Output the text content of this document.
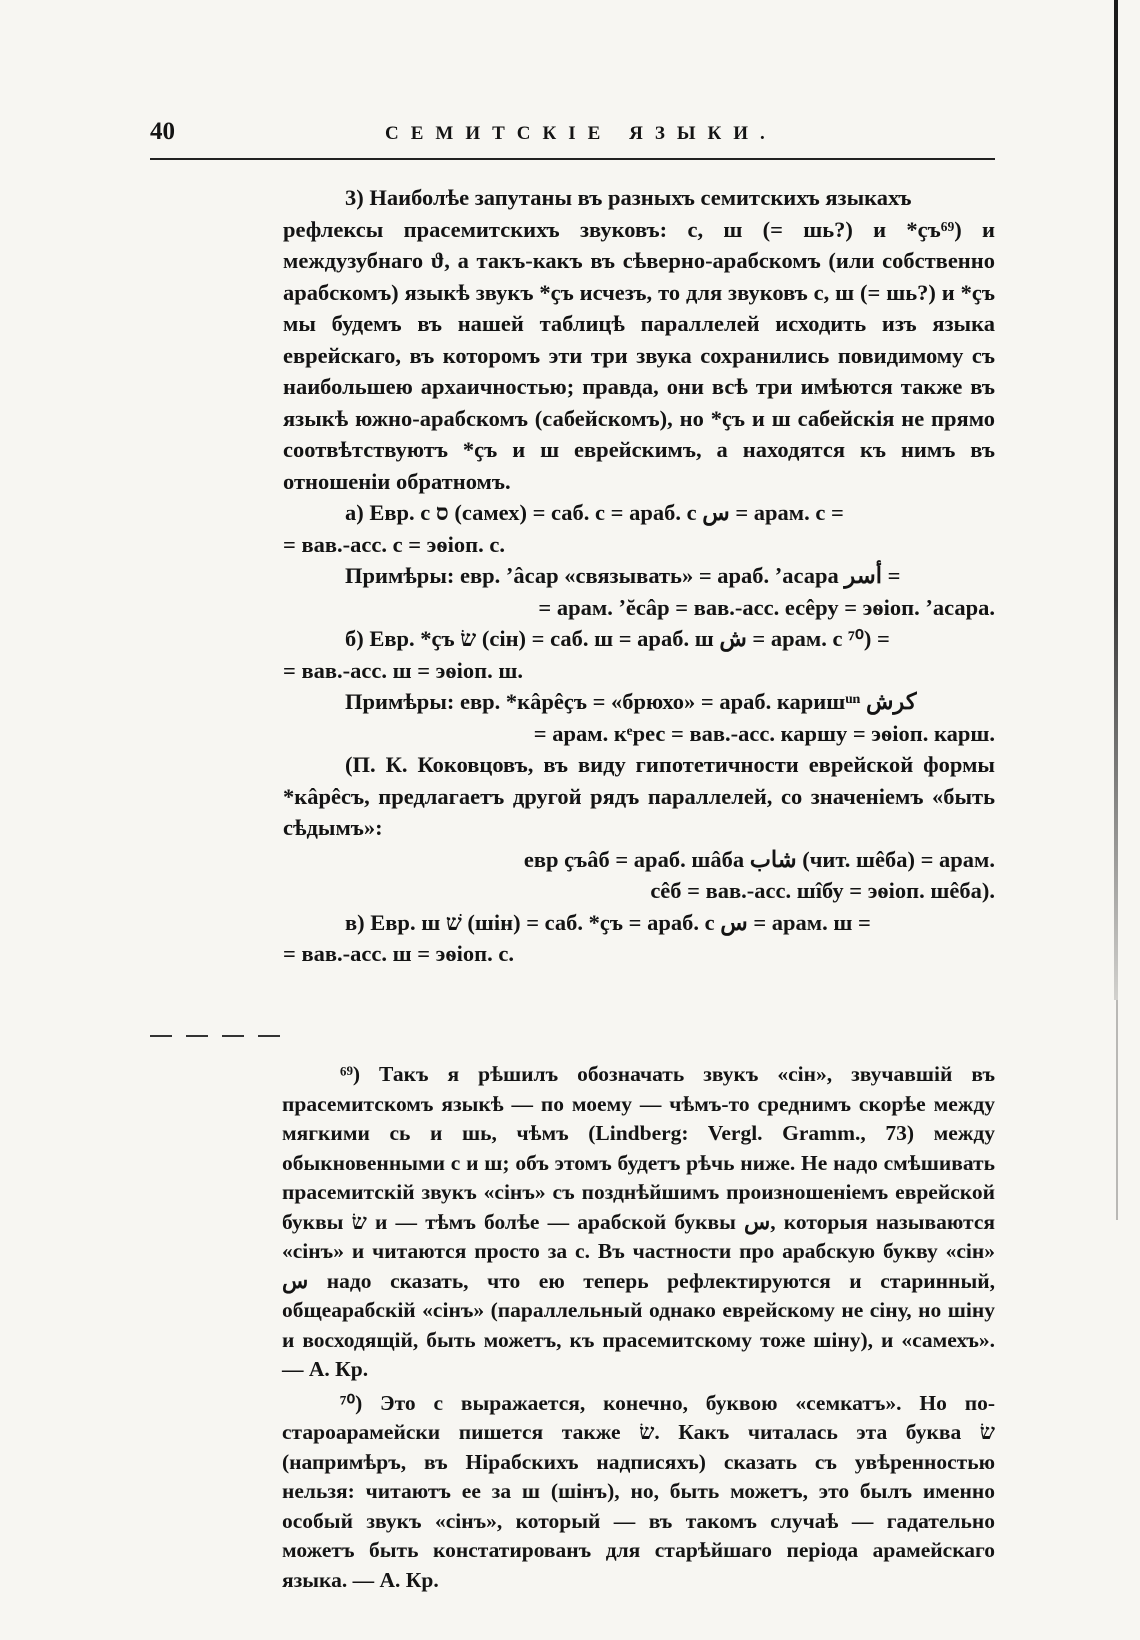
40	СЕМИТСКІЕ ЯЗЫКИ.

3) Наиболѣе запутаны въ разныхъ семитскихъ языкахъ

рефлексы прасемитскихъ звуковъ: с, ш (= шь?) и *ҫъ⁶⁹) и междузубнаго ϑ, а такъ-какъ въ сѣверно-арабскомъ (или собственно арабскомъ) языкѣ звукъ *ҫъ исчезъ, то для звуковъ с, ш (= шь?) и *ҫъ мы будемъ въ нашей таблицѣ параллелей исходить изъ языка еврейскаго, въ которомъ эти три звука сохранились повидимому съ наибольшею архаичностью; правда, они всѣ три имѣются также въ языкѣ южно-арабскомъ (сабейскомъ), но *ҫъ и ш сабейскія не прямо соотвѣтствуютъ *ҫъ и ш еврейскимъ, а находятся къ нимъ въ отношеніи обратномъ.

а) Евр. с ס (самех) = саб. с = араб. с س = арам. с =

= вав.-асс. с = эѳіоп. с.

Примѣры: евр. ʼâсар «связывать» = араб. ʼасара أسر =

= арам. ʼĕсâр = вав.-асс. есêру = эѳіоп. ʼасара.

б) Евр. *ҫъ שׂ (сін) = саб. ш = араб. ш ش = арам. с ⁷⁰) =

= вав.-асс. ш = эѳіоп. ш.

Примѣры: евр. *кâрêҫъ = «брюхо» = араб. каришᵘⁿ كرش

= арам. кᵉрес = вав.-асс. каршу = эѳіоп. карш.

(П. К. Коковцовъ, въ виду гипотетичности еврейской формы *кâрêсъ, предлагаетъ другой рядъ параллелей, со значеніемъ «быть сѣдымъ»:

евр ҫъâб = араб. шâба شاب (чит. шêба) = арам.

сêб = вав.-асс. шîбу = эѳіоп. шêба).

в) Евр. ш שׁ (шін) = саб. *ҫъ = араб. с س = арам. ш =

= вав.-асс. ш = эѳіоп. с.

⁶⁹) Такъ я рѣшилъ обозначать звукъ «сін», звучавшій въ прасемитскомъ языкѣ — по моему — чѣмъ-то среднимъ скорѣе между мягкими сь и шь, чѣмъ (Lindberg: Vergl. Gramm., 73) между обыкновенными с и ш; объ этомъ будетъ рѣчь ниже. Не надо смѣшивать прасемитскій звукъ «сінъ» съ позднѣйшимъ произношеніемъ еврейской буквы שׂ и — тѣмъ болѣе — арабской буквы س, которыя называются «сінъ» и читаются просто за с. Въ частности про арабскую букву «сін» س надо сказать, что ею теперь рефлектируются и старинный, общеарабскій «сінъ» (параллельный однако еврейскому не сіну, но шіну и восходящій, быть можетъ, къ прасемитскому тоже шіну), и «самехъ». — А. Кр.

⁷⁰) Это с выражается, конечно, буквою «семкатъ». Но по-староарамейски пишется также שׂ. Какъ читалась эта буква שׂ (напримѣръ, въ Нірабскихъ надписяхъ) сказать съ увѣренностью нельзя: читаютъ ее за ш (шінъ), но, быть можетъ, это былъ именно особый звукъ «сінъ», который — въ такомъ случаѣ — гадательно можетъ быть констатированъ для старѣйшаго періода арамейскаго языка. — А. Кр.
